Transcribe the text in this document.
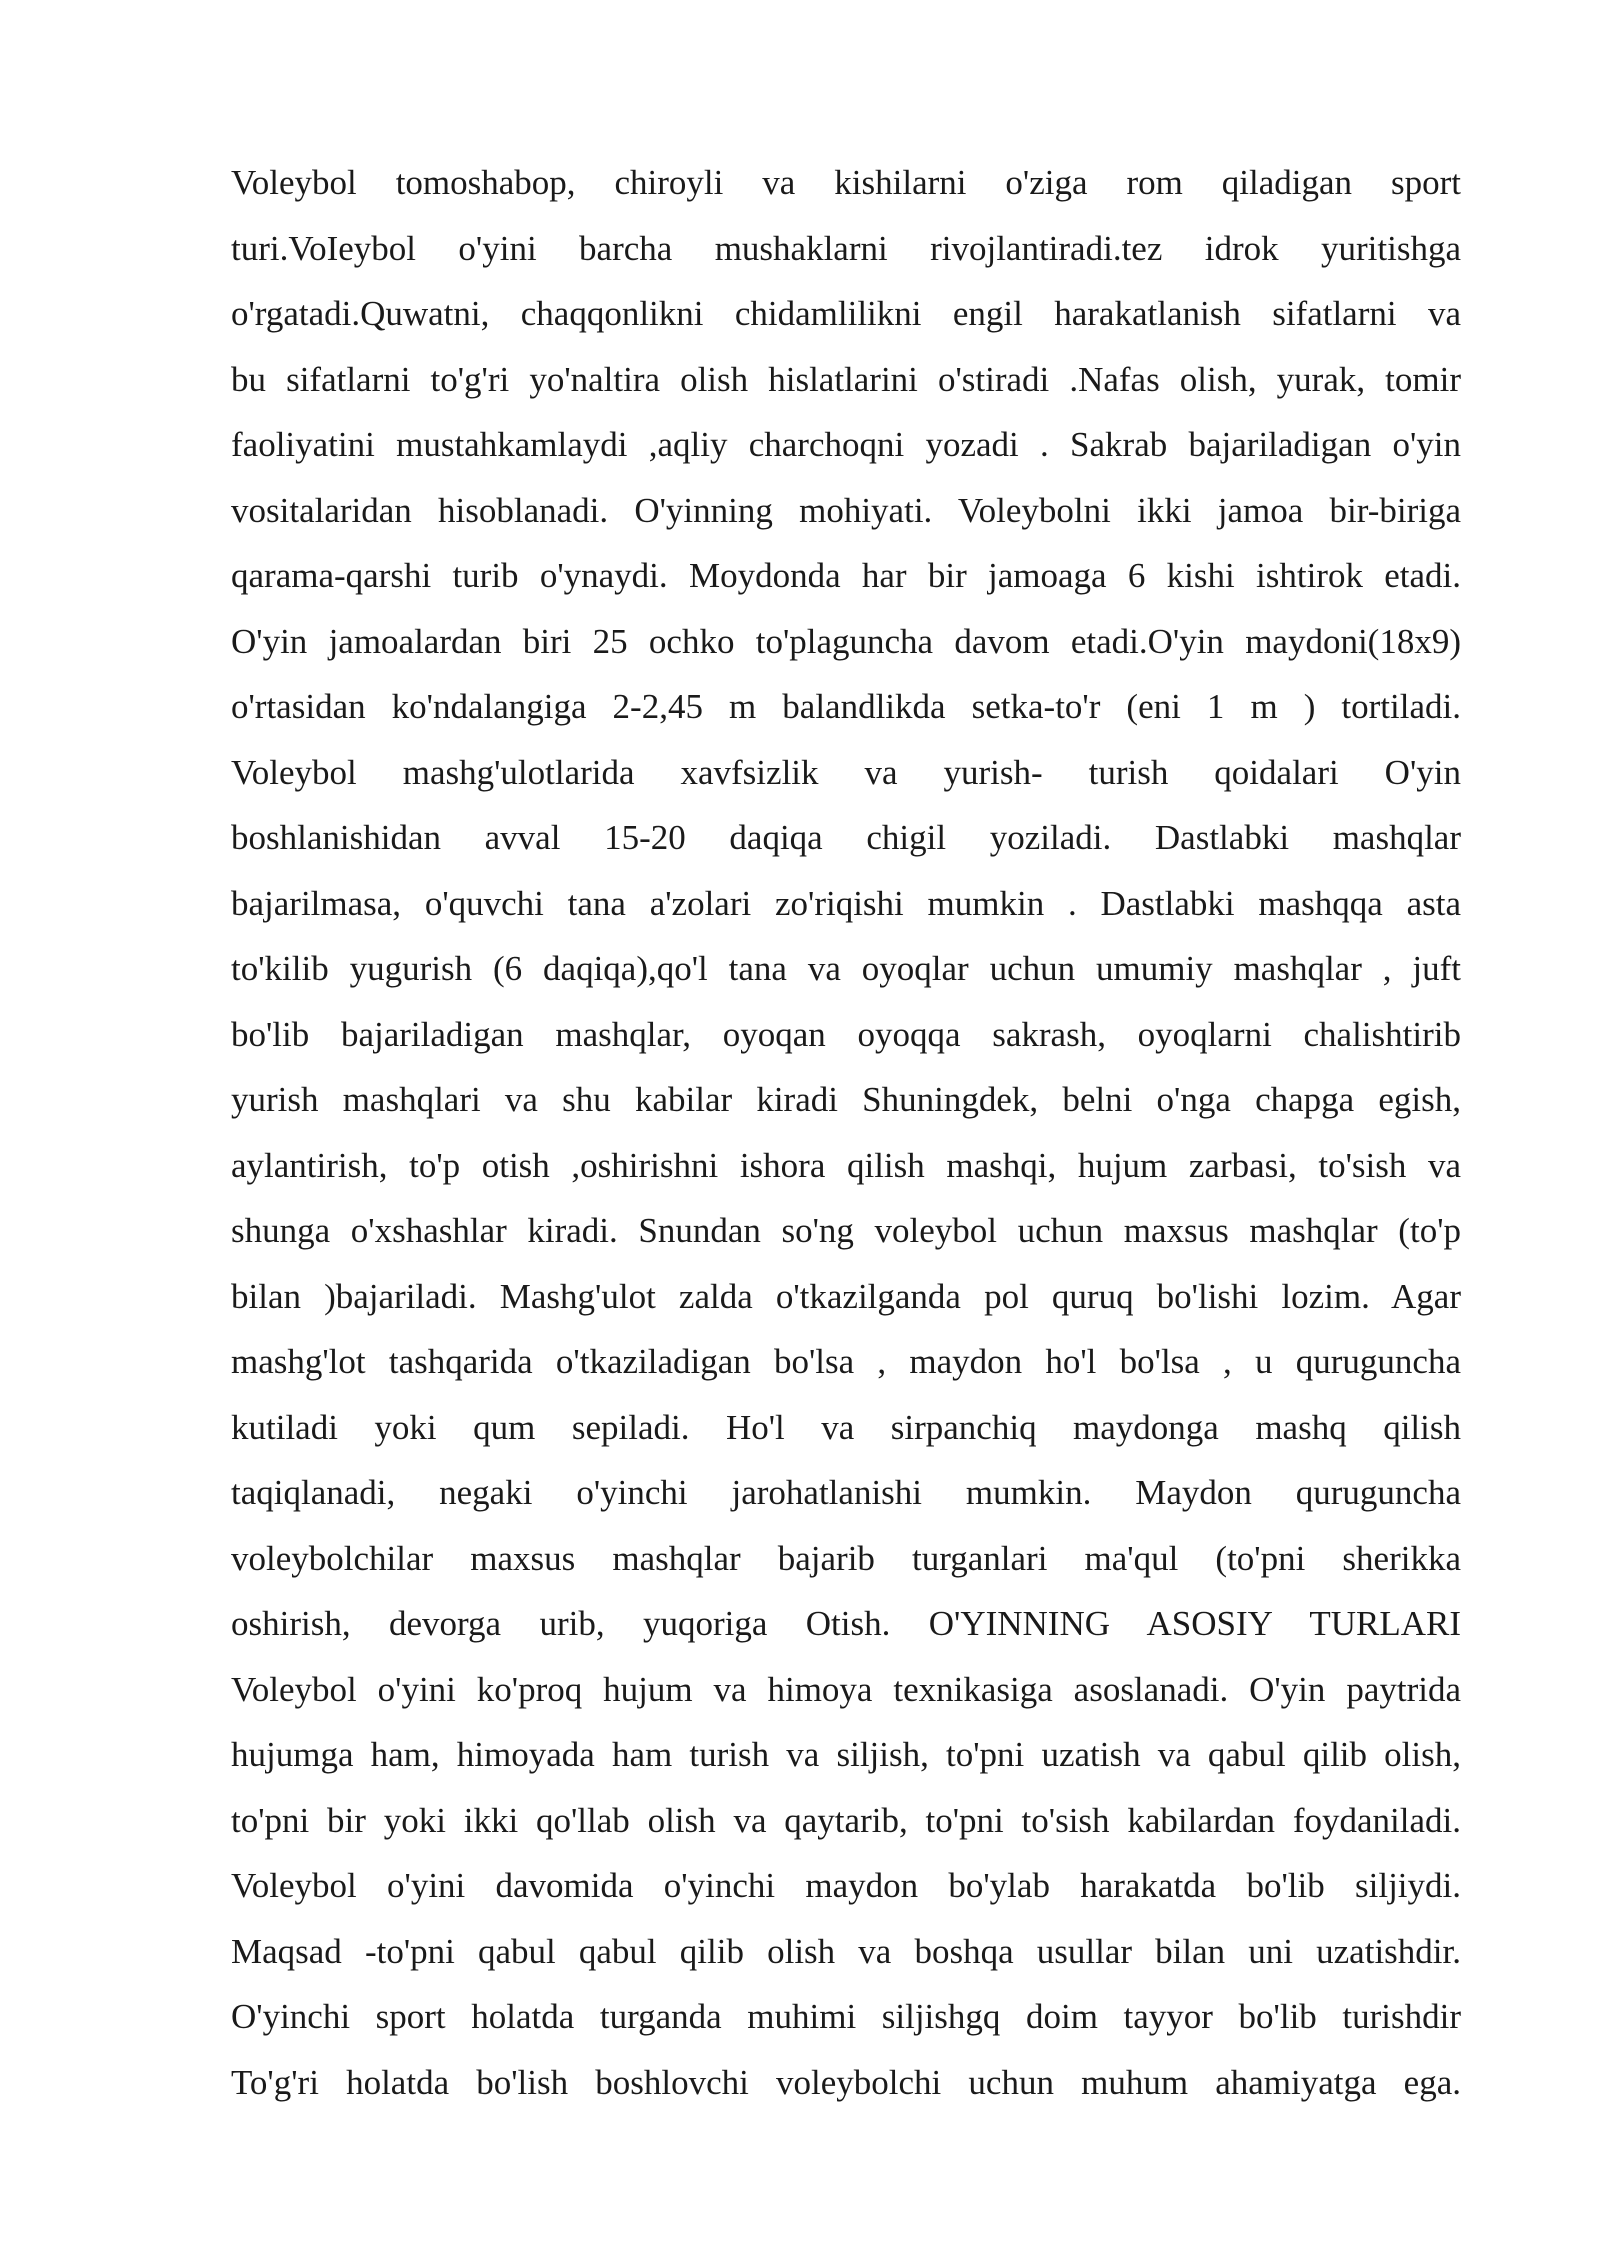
Voleybol tomoshabop, chiroyli va kishilarni o'ziga rom qiladigan sport
turi.VoIeybol o'yini barcha mushaklarni rivojlantiradi.tez idrok yuritishga
o'rgatadi.Quwatni, chaqqonlikni chidamlilikni engil harakatlanish sifatlarni va
bu sifatlarni to'g'ri yo'naltira olish hislatlarini o'stiradi .Nafas olish, yurak, tomir
faoliyatini mustahkamlaydi ,aqliy charchoqni yozadi . Sakrab bajariladigan o'yin
vositalaridan hisoblanadi. O'yinning mohiyati. Voleybolni ikki jamoa bir-biriga
qarama-qarshi turib o'ynaydi. Moydonda har bir jamoaga 6 kishi ishtirok etadi.
O'yin jamoalardan biri 25 ochko to'plaguncha davom etadi.O'yin maydoni(18x9)
o'rtasidan ko'ndalangiga 2-2,45 m balandlikda setka-to'r (eni 1 m ) tortiladi.
Voleybol mashg'ulotlarida xavfsizlik va yurish- turish qoidalari O'yin
boshlanishidan avval 15-20 daqiqa chigil yoziladi. Dastlabki mashqlar
bajarilmasa, o'quvchi tana a'zolari zo'riqishi mumkin . Dastlabki mashqqa asta
to'kilib yugurish (6 daqiqa),qo'l tana va oyoqlar uchun umumiy mashqlar , juft
bo'lib bajariladigan mashqlar, oyoqan oyoqqa sakrash, oyoqlarni chalishtirib
yurish mashqlari va shu kabilar kiradi Shuningdek, belni o'nga chapga egish,
aylantirish, to'p otish ,oshirishni ishora qilish mashqi, hujum zarbasi, to'sish va
shunga o'xshashlar kiradi. Snundan so'ng voleybol uchun maxsus mashqlar (to'p
bilan )bajariladi. Mashg'ulot zalda o'tkazilganda pol quruq bo'lishi lozim. Agar
mashg'lot tashqarida o'tkaziladigan bo'lsa , maydon ho'l bo'lsa , u quruguncha
kutiladi yoki qum sepiladi. Ho'l va sirpanchiq maydonga mashq qilish
taqiqlanadi, negaki o'yinchi jarohatlanishi mumkin. Maydon quruguncha
voleybolchilar maxsus mashqlar bajarib turganlari ma'qul (to'pni sherikka
oshirish, devorga urib, yuqoriga Otish. O'YINNING ASOSIY TURLARI
Voleybol o'yini ko'proq hujum va himoya texnikasiga asoslanadi. O'yin paytrida
hujumga ham, himoyada ham turish va siljish, to'pni uzatish va qabul qilib olish,
to'pni bir yoki ikki qo'llab olish va qaytarib, to'pni to'sish kabilardan foydaniladi.
Voleybol o'yini davomida o'yinchi maydon bo'ylab harakatda bo'lib siljiydi.
Maqsad -to'pni qabul qabul qilib olish va boshqa usullar bilan uni uzatishdir.
O'yinchi sport holatda turganda muhimi siljishgq doim tayyor bo'lib turishdir
To'g'ri holatda bo'lish boshlovchi voleybolchi uchun muhum ahamiyatga ega.
